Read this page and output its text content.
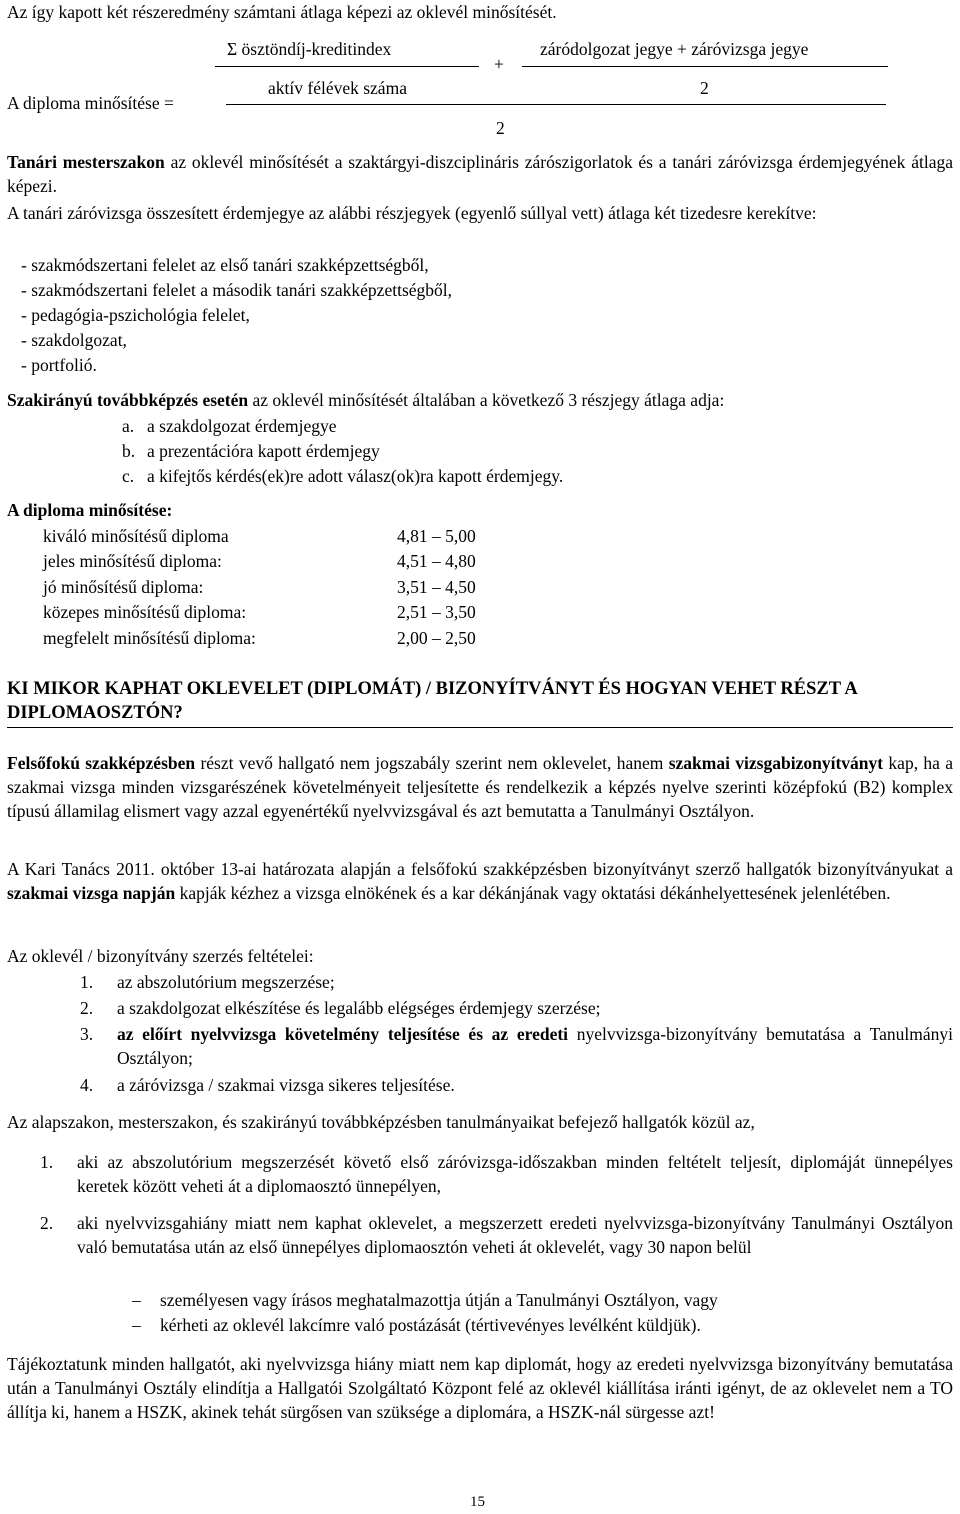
Az így kapott két részeredmény számtani átlaga képezi az oklevél minősítését.
Σ ösztöndíj-kreditindex	záródolgozat jegye + záróvizsga jegye
+
aktív félévek száma	2
A diploma minősítése =
2
Tanári mesterszakon az oklevél minősítését a szaktárgyi-diszciplináris zárószigorlatok és a tanári záróvizsga érdemjegyének átlaga képezi.
A tanári záróvizsga összesített érdemjegye az alábbi részjegyek (egyenlő súllyal vett) átlaga két tizedesre kerekítve:
- szakmódszertani felelet az első tanári szakképzettségből,
- szakmódszertani felelet a második tanári szakképzettségből,
- pedagógia-pszichológia felelet,
- szakdolgozat,
- portfolió.
Szakirányú továbbképzés esetén az oklevél minősítését általában a következő 3 részjegy átlaga adja:
a. a szakdolgozat érdemjegye
b. a prezentációra kapott érdemjegy
c. a kifejtős kérdés(ek)re adott válasz(ok)ra kapott érdemjegy.
A diploma minősítése:
kiváló minősítésű diploma	4,81 – 5,00
jeles minősítésű diploma:	4,51 – 4,80
jó minősítésű diploma:	3,51 – 4,50
közepes minősítésű diploma:	2,51 – 3,50
megfelelt minősítésű diploma:	2,00 – 2,50
KI MIKOR KAPHAT OKLEVELET (DIPLOMÁT) / BIZONYÍTVÁNYT ÉS HOGYAN VEHET RÉSZT A DIPLOMAOSZTÓN?
Felsőfokú szakképzésben részt vevő hallgató nem jogszabály szerint nem oklevelet, hanem szakmai vizsgabizonyítványt kap, ha a szakmai vizsga minden vizsgarészének követelményeit teljesítette és rendelkezik a képzés nyelve szerinti középfokú (B2) komplex típusú államilag elismert vagy azzal egyenértékű nyelvvizsgával és azt bemutatta a Tanulmányi Osztályon.
A Kari Tanács 2011. október 13-ai határozata alapján a felsőfokú szakképzésben bizonyítványt szerző hallgatók bizonyítványukat a szakmai vizsga napján kapják kézhez a vizsga elnökének és a kar dékánjának vagy oktatási dékánhelyettesének jelenlétében.
Az oklevél / bizonyítvány szerzés feltételei:
1. az abszolutórium megszerzése;
2. a szakdolgozat elkészítése és legalább elégséges érdemjegy szerzése;
3. az előírt nyelvvizsga követelmény teljesítése és az eredeti nyelvvizsga-bizonyítvány bemutatása a Tanulmányi Osztályon;
4. a záróvizsga / szakmai vizsga sikeres teljesítése.
Az alapszakon, mesterszakon, és szakirányú továbbképzésben tanulmányaikat befejező hallgatók közül az,
1. aki az abszolutórium megszerzését követő első záróvizsga-időszakban minden feltételt teljesít, diplomáját ünnepélyes keretek között veheti át a diplomaosztó ünnepélyen,
2. aki nyelvvizsgahiány miatt nem kaphat oklevelet, a megszerzett eredeti nyelvvizsga-bizonyítvány Tanulmányi Osztályon való bemutatása után az első ünnepélyes diplomaosztón veheti át oklevelét, vagy 30 napon belül
– személyesen vagy írásos meghatalmazottja útján a Tanulmányi Osztályon, vagy
– kérheti az oklevél lakcímre való postázását (tértivevényes levélként küldjük).
Tájékoztatunk minden hallgatót, aki nyelvvizsga hiány miatt nem kap diplomát, hogy az eredeti nyelvvizsga bizonyítvány bemutatása után a Tanulmányi Osztály elindítja a Hallgatói Szolgáltató Központ felé az oklevél kiállítása iránti igényt, de az oklevelet nem a TO állítja ki, hanem a HSZK, akinek tehát sürgősen van szüksége a diplomára, a HSZK-nál sürgesse azt!
15
